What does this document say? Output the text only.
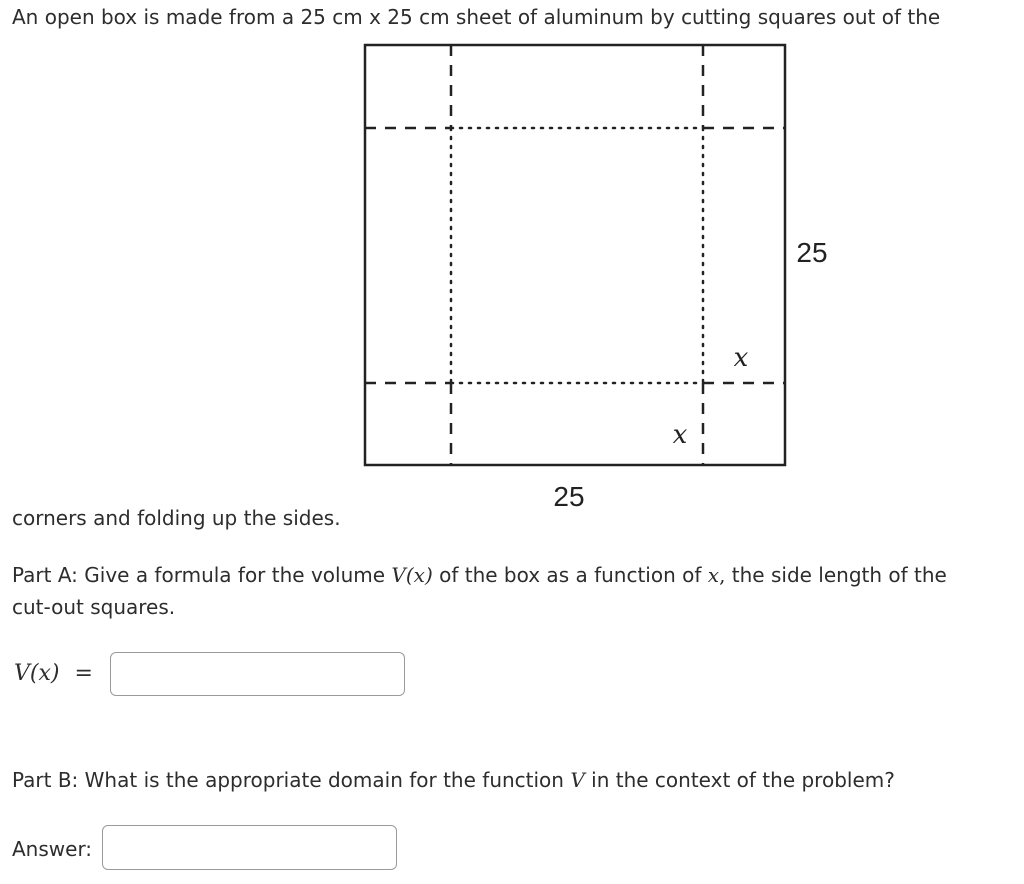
An open box is made from a 25 cm x 25 cm sheet of aluminum by cutting squares out of the

25
25
x
x

corners and folding up the sides.

Part A: Give a formula for the volume V(x) of the box as a function of x, the side length of the

cut-out squares.

V(x) =

Part B: What is the appropriate domain for the function V in the context of the problem?

Answer:
